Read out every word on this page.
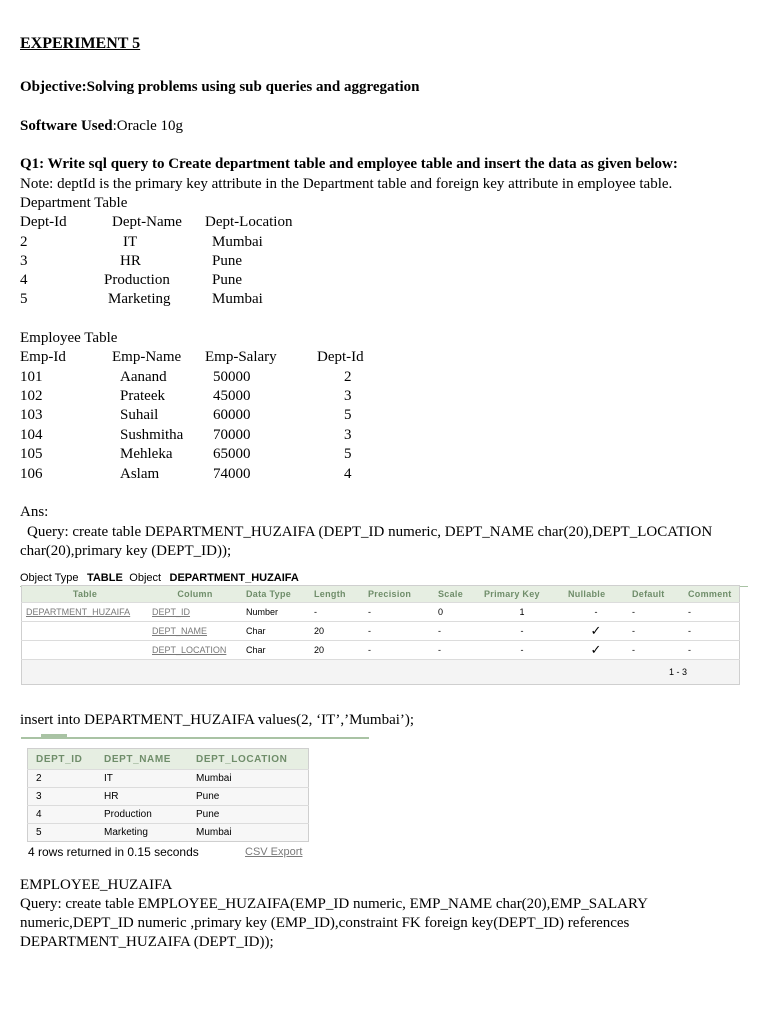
EXPERIMENT 5
Objective:Solving problems using sub queries and aggregation
Software Used:Oracle 10g
Q1: Write sql query to Create department table and employee table and insert the data as given below:
Note: deptId is the primary key attribute in the Department table and foreign key attribute in employee table.
Department Table
Dept-Id	Dept-Name Dept-Location
2	IT	Mumbai
3	HR	Pune
4	Production	Pune
5	Marketing	Mumbai
Employee Table
Emp-Id	Emp-Name Emp-Salary	Dept-Id
101	Aanand	50000	2
102	Prateek	45000	3
103	Suhail	60000	5
104	Sushmitha 70000	3
105	Mehleka	65000	5
106	Aslam	74000	4
Ans:
Query: create table DEPARTMENT_HUZAIFA (DEPT_ID numeric, DEPT_NAME char(20),DEPT_LOCATION
char(20),primary key (DEPT_ID));
Object Type TABLE Object DEPARTMENT_HUZAIFA
Table	Column	Data Type	Length	Precision	Scale	Primary Key	Nullable	Default	Comment
DEPARTMENT_HUZAIFA	DEPT_ID	Number	-	-	0	1	-	-	-
	DEPT_NAME	Char	20	-	-	-	✓	-	-
	DEPT_LOCATION	Char	20	-	-	-	✓	-	-
1 - 3									
insert into DEPARTMENT_HUZAIFA values(2, ‘IT’,’Mumbai’);
DEPT_ID	DEPT_NAME	DEPT_LOCATION
2	IT	Mumbai
3	HR	Pune
4	Production	Pune
5	Marketing	Mumbai
4 rows returned in 0.15 seconds	CSV Export
EMPLOYEE_HUZAIFA
Query: create table EMPLOYEE_HUZAIFA(EMP_ID numeric, EMP_NAME char(20),EMP_SALARY
numeric,DEPT_ID numeric ,primary key (EMP_ID),constraint FK foreign key(DEPT_ID) references
DEPARTMENT_HUZAIFA (DEPT_ID));
